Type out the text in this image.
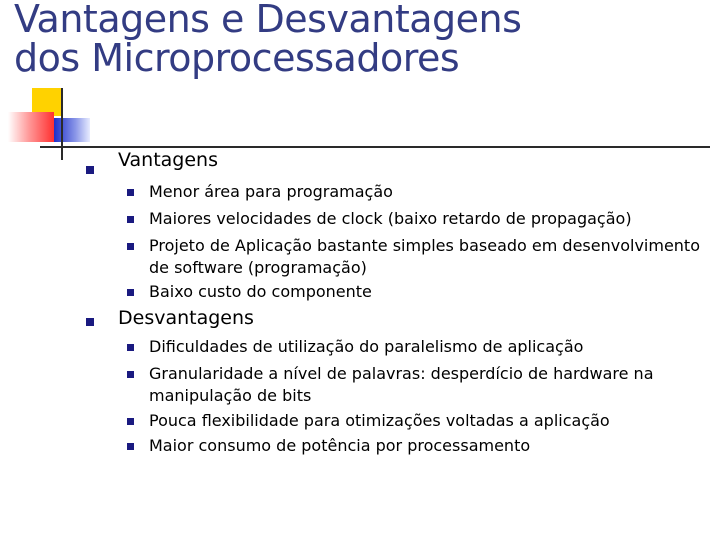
Vantagens e Desvantagens
dos Microprocessadores
Vantagens
Menor área para programação
Maiores velocidades de clock (baixo retardo de propagação)
Projeto de Aplicação bastante simples baseado em desenvolvimento de software (programação)
Baixo custo do componente
Desvantagens
Dificuldades de utilização do paralelismo de aplicação
Granularidade a nível de palavras: desperdício de hardware na manipulação de bits
Pouca flexibilidade para otimizações voltadas a aplicação
Maior consumo de potência por processamento
